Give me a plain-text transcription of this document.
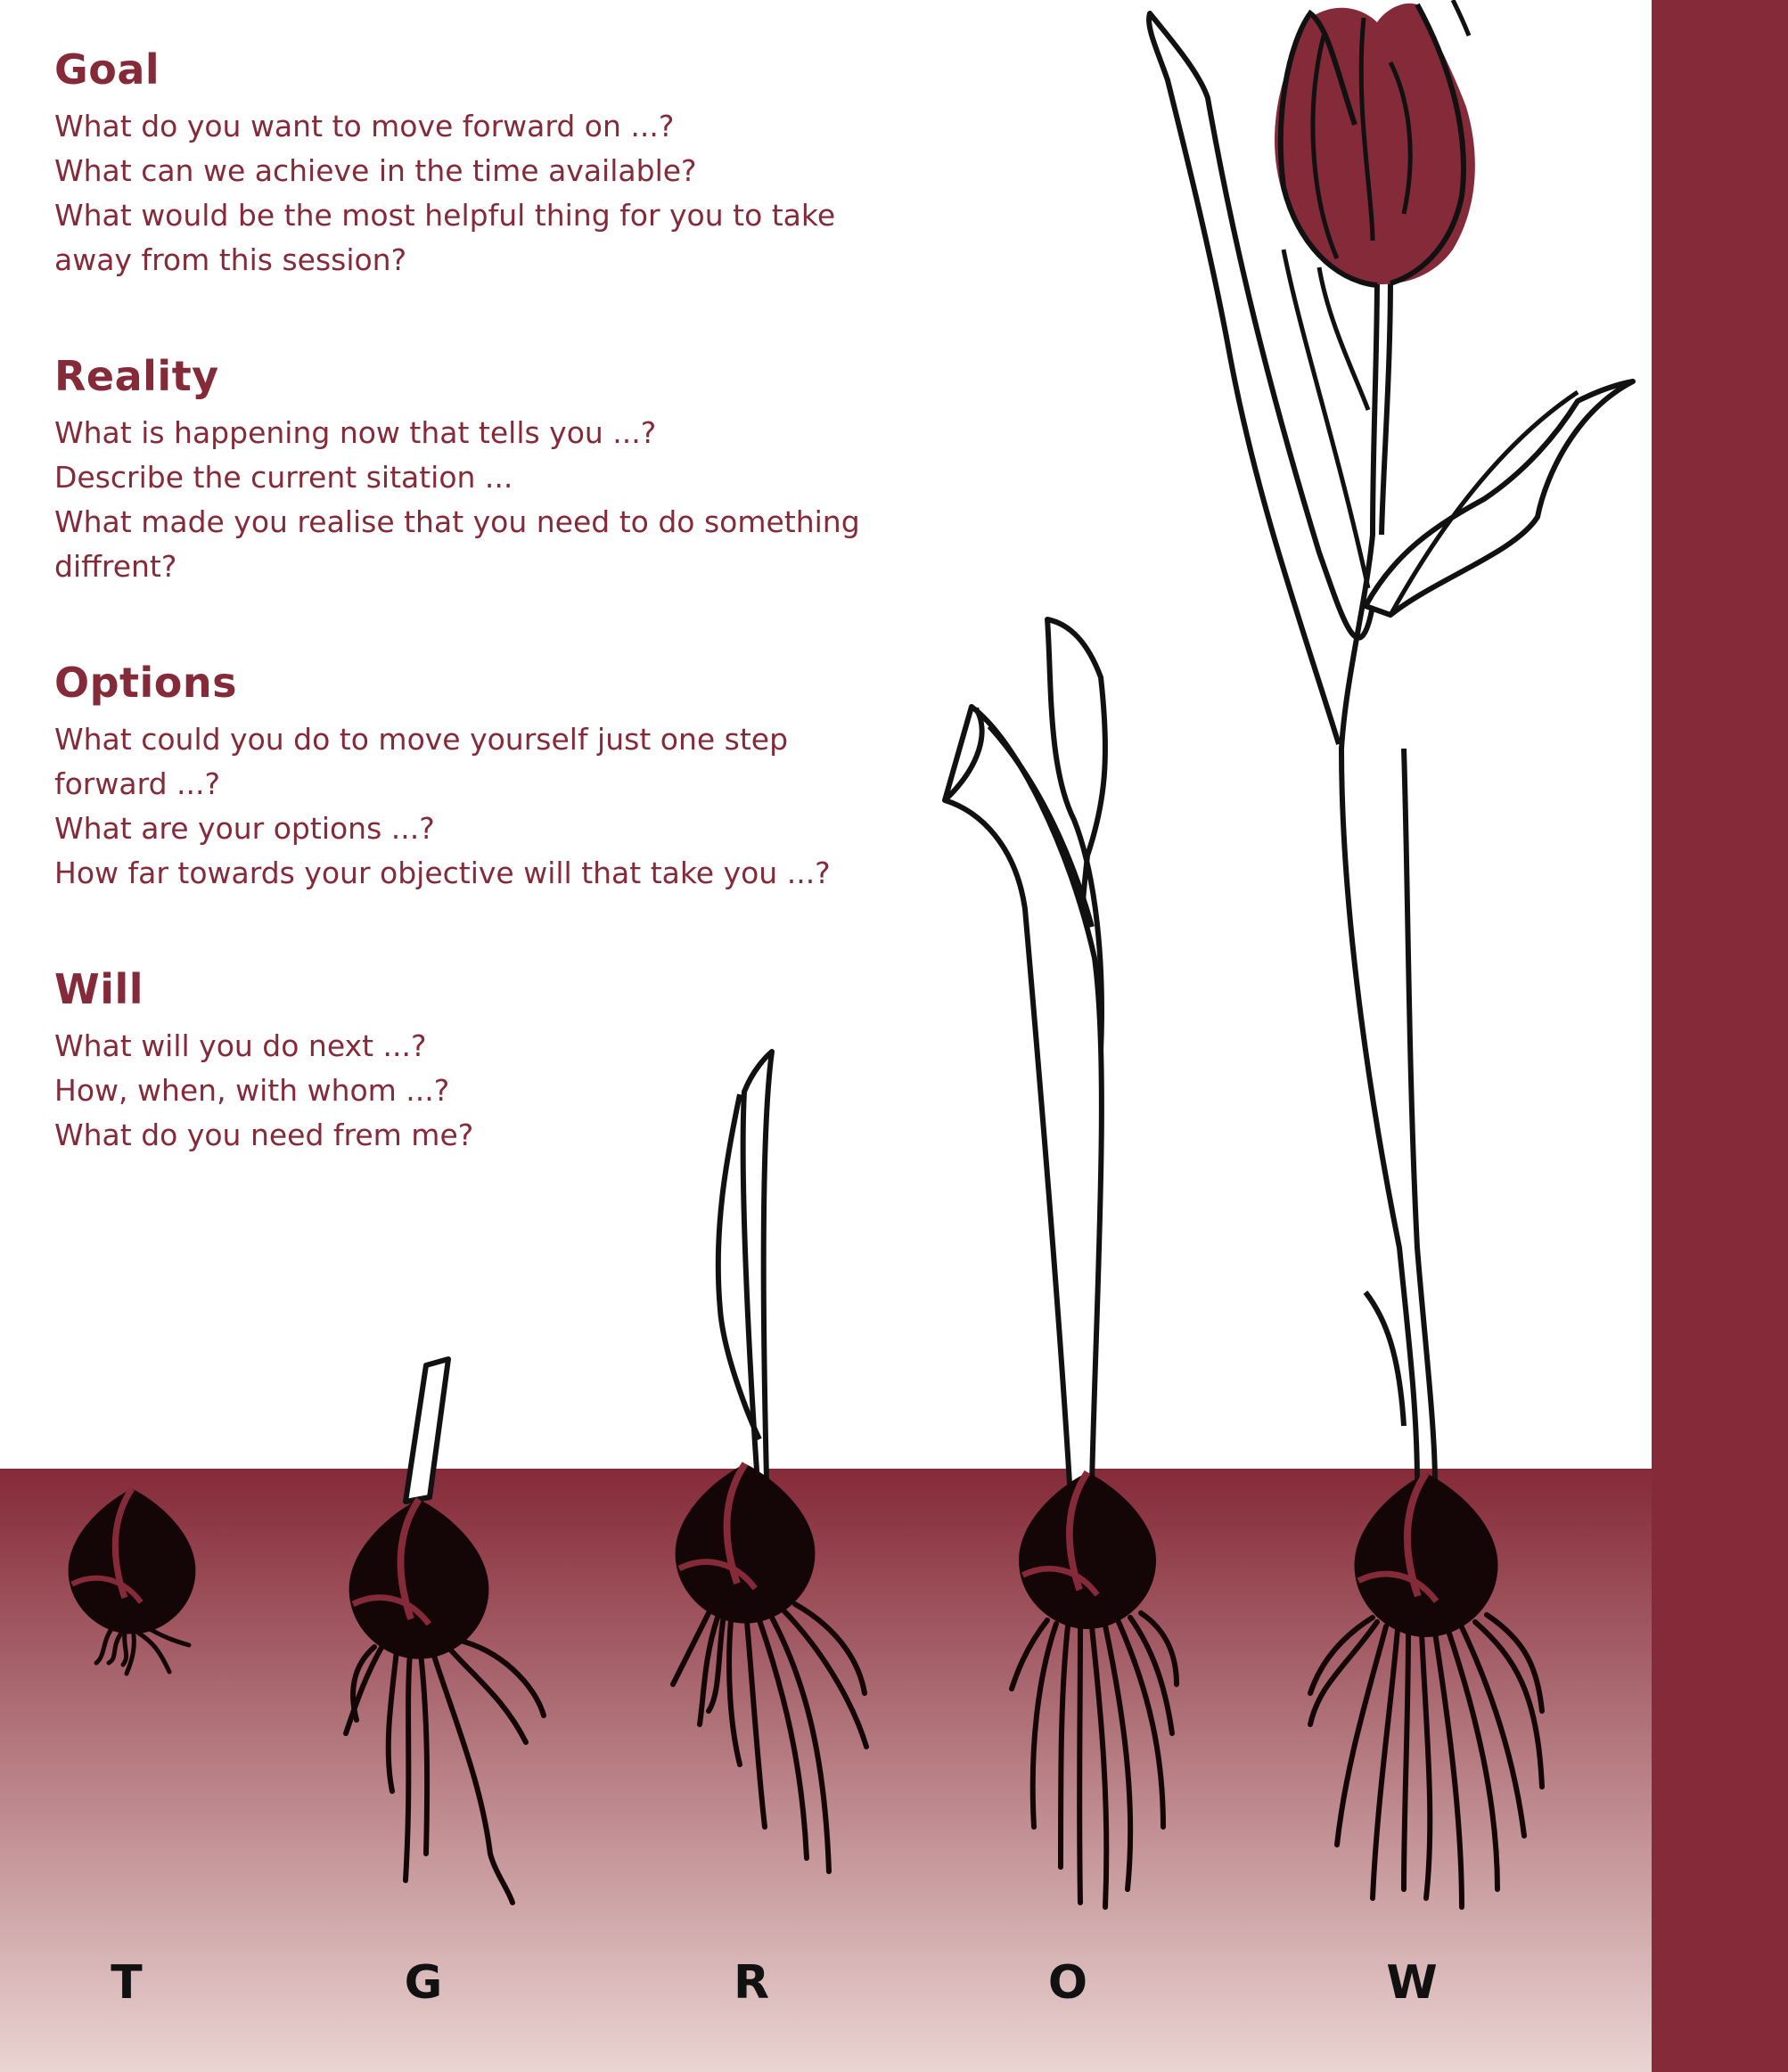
Goal

What do you want to move forward on ...?

What can we achieve in the time available?

What would be the most helpful thing for you to take

away from this session?

Reality

What is happening now that tells you ...?

Describe the current sitation ...

What made you realise that you need to do something

diffrent?

Options

What could you do to move yourself just one step

forward ...?

What are your options ...?

How far towards your objective will that take you ...?

Will

What will you do next ...?

How, when, with whom ...?

What do you need frem me?

T	G	R	O	W
